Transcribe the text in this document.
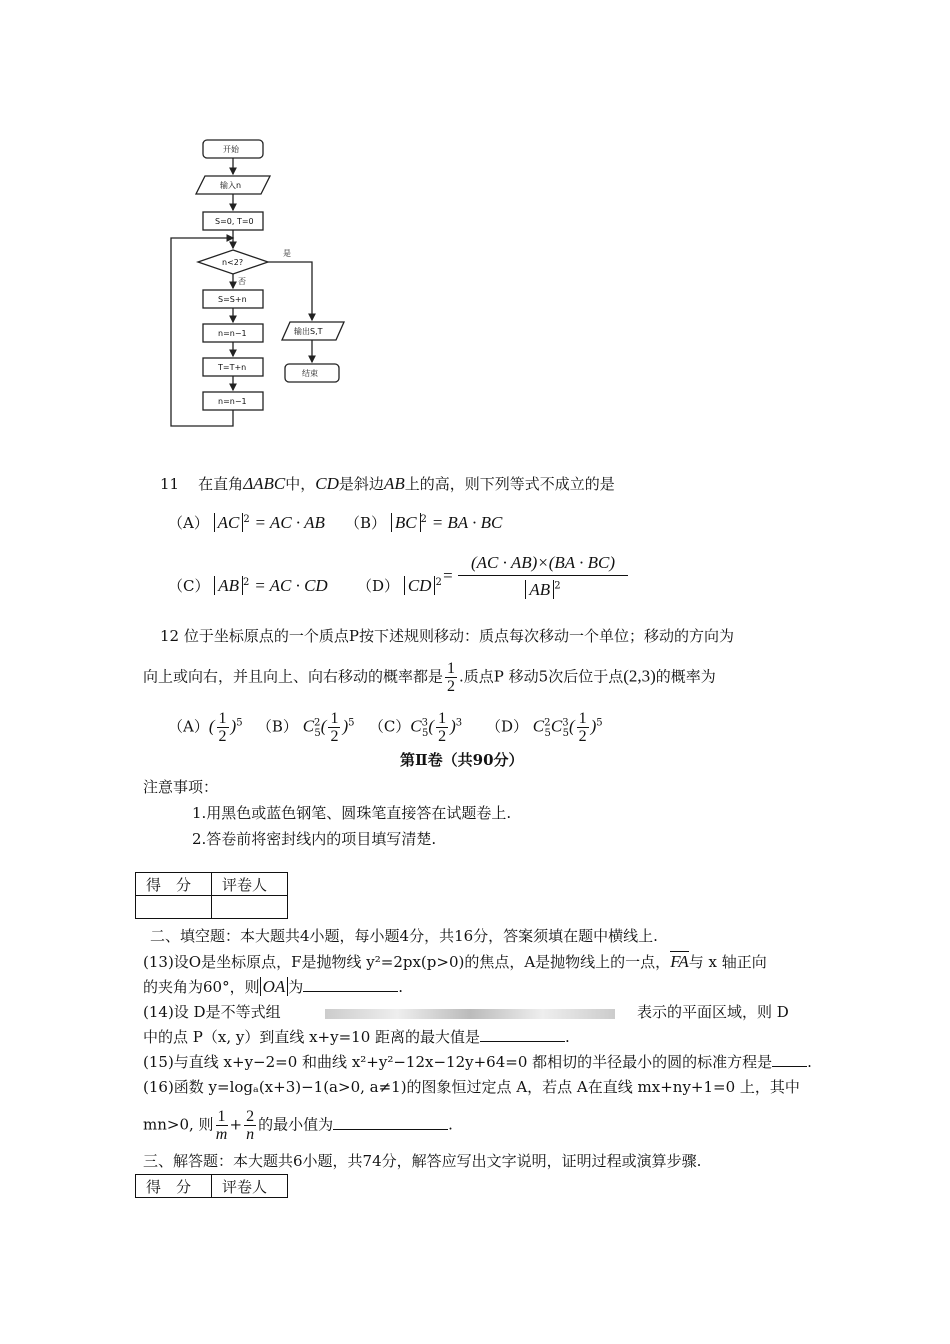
开始
输入n
S=0, T=0
n<2?
是
否
S=S+n
n=n−1
T=T+n
n=n−1
输出S,T
结束
11 在直角ΔABC中，CD是斜边AB上的高，则下列等式不成立的是
（A） AC $^2$ = AC · AB （B） BC $^2$ = BA · BC
（C） AB $^2$ = AC · CD （D） CD $^2$
(AC · AB)×(BA · BC)
AB $^2$
=
12 位于坐标原点的一个质点P按下述规则移动：质点每次移动一个单位；移动的方向为
向上或向右，并且向上、向右移动的概率都是 $\frac{1}{2}$ .质点P 移动5次后位于点(2,3)的概率为
$(A)( \frac{1}{2} )^5$ （B） $C^2_5( \frac{1}{2} )^5$ $(C)C^3_5( \frac{1}{2} )^3$ （D） $C^2_5C^3_5( \frac{1}{2} )^5$
第Ⅱ卷（共90分）
注意事项：
1.用黑色或蓝色钢笔、圆珠笔直接答在试题卷上.
2.答卷前将密封线内的项目填写清楚.
得　分	评卷人

二、填空题：本大题共4小题，每小题4分，共16分，答案须填在题中横线上.
(13)设O是坐标原点，F是抛物线 y²=2px(p>0)的焦点，A是抛物线上的一点，FA与 x 轴正向
的夹角为60°，则 OA 为	.
(14)设 D是不等式组	表示的平面区域，则 D
中的点 P（x, y）到直线 x+y=10 距离的最大值是	.
(15)与直线 x+y−2=0 和曲线 x²+y²−12x−12y+64=0 都相切的半径最小的圆的标准方程是 .
(16)函数 y=logₐ(x+3)−1(a>0, a≠1)的图象恒过定点 A，若点 A在直线 mx+ny+1=0 上，其中
mn>0, 则 $\frac{1}{m} + \frac{2}{n}$ 的最小值为	.
三、解答题：本大题共6小题，共74分，解答应写出文字说明，证明过程或演算步骤.
得　分	评卷人
